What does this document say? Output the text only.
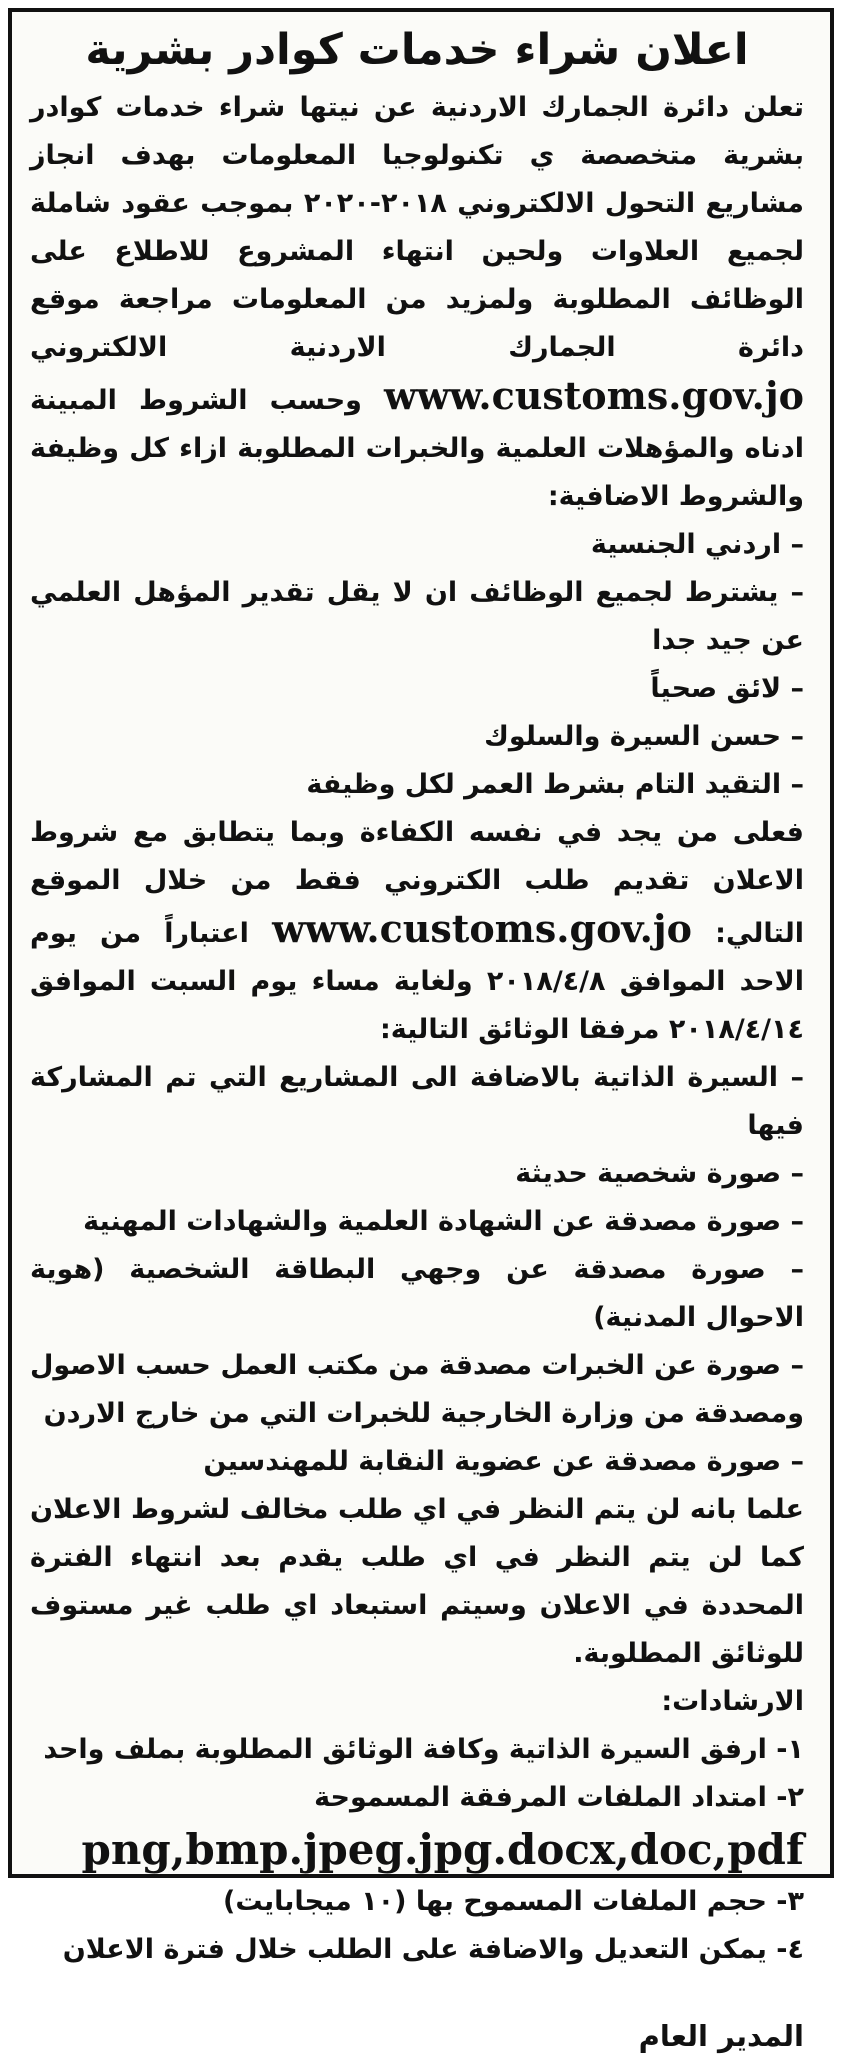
اعلان شراء خدمات كوادر بشرية

تعلن دائرة الجمارك الاردنية عن نيتها شراء خدمات كوادر بشرية متخصصة ي تكنولوجيا المعلومات بهدف انجاز مشاريع التحول الالكتروني ٢٠١٨-٢٠٢٠ بموجب عقود شاملة لجميع العلاوات ولحين انتهاء المشروع للاطلاع على الوظائف المطلوبة ولمزيد من المعلومات مراجعة موقع دائرة الجمارك الاردنية الالكتروني www.customs.gov.jo وحسب الشروط المبينة ادناه والمؤهلات العلمية والخبرات المطلوبة ازاء كل وظيفة والشروط الاضافية:

– اردني الجنسية

– يشترط لجميع الوظائف ان لا يقل تقدير المؤهل العلمي عن جيد جدا

– لائق صحياً

– حسن السيرة والسلوك

– التقيد التام بشرط العمر لكل وظيفة

فعلى من يجد في نفسه الكفاءة وبما يتطابق مع شروط الاعلان تقديم طلب الكتروني فقط من خلال الموقع التالي: www.customs.gov.jo اعتباراً من يوم الاحد الموافق ٢٠١٨/٤/٨ ولغاية مساء يوم السبت الموافق ٢٠١٨/٤/١٤ مرفقا الوثائق التالية:

– السيرة الذاتية بالاضافة الى المشاريع التي تم المشاركة فيها

– صورة شخصية حديثة

– صورة مصدقة عن الشهادة العلمية والشهادات المهنية

– صورة مصدقة عن وجهي البطاقة الشخصية (هوية الاحوال المدنية)

– صورة عن الخبرات مصدقة من مكتب العمل حسب الاصول ومصدقة من وزارة الخارجية للخبرات التي من خارج الاردن

– صورة مصدقة عن عضوية النقابة للمهندسين

علما بانه لن يتم النظر في اي طلب مخالف لشروط الاعلان كما لن يتم النظر في اي طلب يقدم بعد انتهاء الفترة المحددة في الاعلان وسيتم استبعاد اي طلب غير مستوف للوثائق المطلوبة.

الارشادات:

١- ارفق السيرة الذاتية وكافة الوثائق المطلوبة بملف واحد

٢- امتداد الملفات المرفقة المسموحة

png,bmp.jpeg.jpg.docx,doc,pdf

٣- حجم الملفات المسموح بها (١٠ ميجابايت)

٤- يمكن التعديل والاضافة على الطلب خلال فترة الاعلان

المدير العام
